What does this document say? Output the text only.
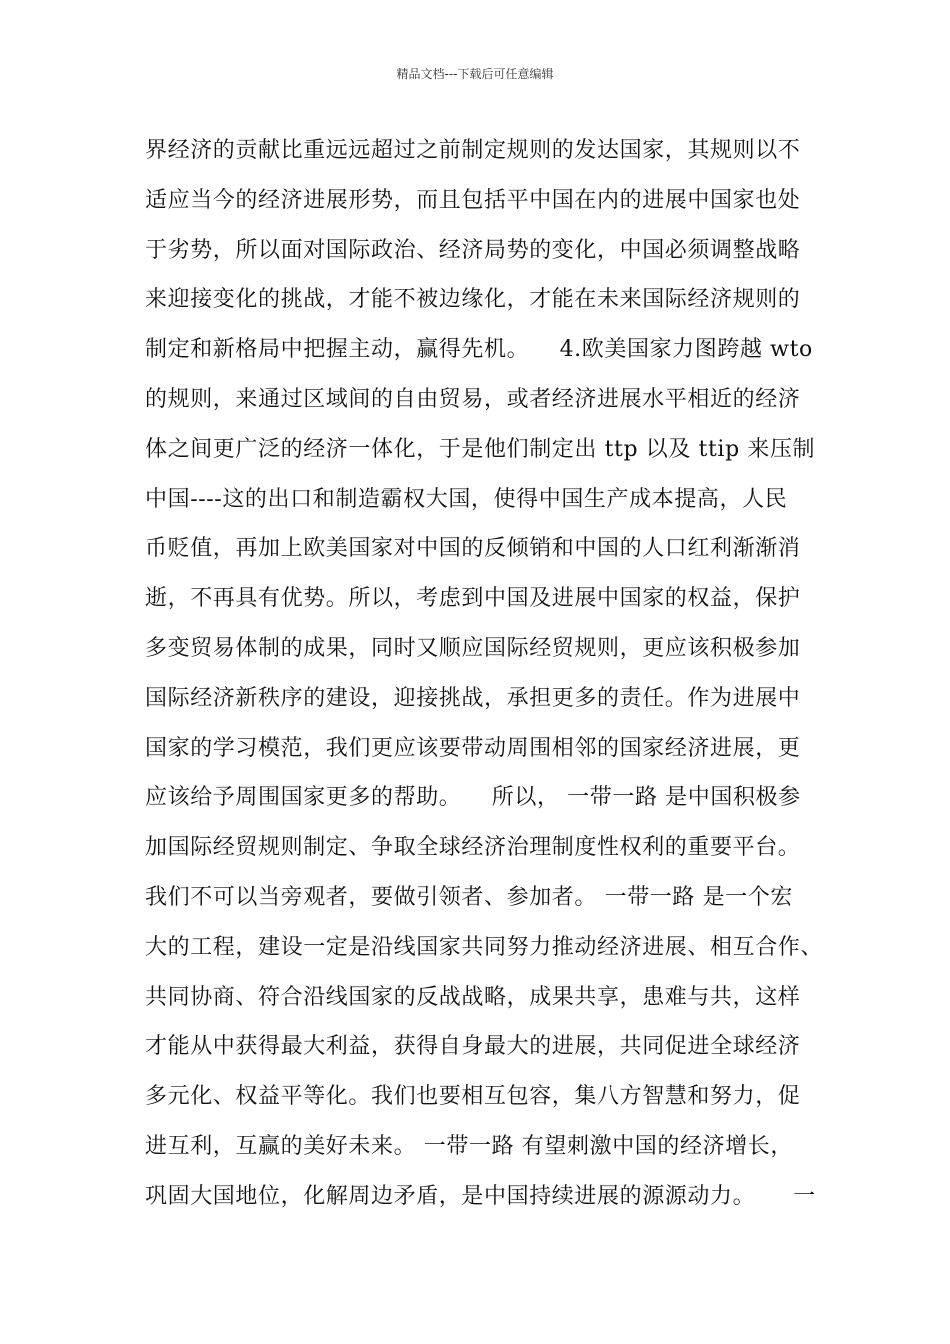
精品文档---下载后可任意编辑
界经济的贡献比重远远超过之前制定规则的发达国家，其规则以不
适应当今的经济进展形势，而且包括平中国在内的进展中国家也处
于劣势，所以面对国际政治、经济局势的变化，中国必须调整战略
来迎接变化的挑战，才能不被边缘化，才能在未来国际经济规则的
制定和新格局中把握主动，赢得先机。    4.欧美国家力图跨越 wto
的规则，来通过区域间的自由贸易，或者经济进展水平相近的经济
体之间更广泛的经济一体化，于是他们制定出 ttp 以及 ttip 来压制
中国----这的出口和制造霸权大国，使得中国生产成本提高，人民
币贬值，再加上欧美国家对中国的反倾销和中国的人口红利渐渐消
逝，不再具有优势。所以，考虑到中国及进展中国家的权益，保护
多变贸易体制的成果，同时又顺应国际经贸规则，更应该积极参加
国际经济新秩序的建设，迎接挑战，承担更多的责任。作为进展中
国家的学习模范，我们更应该要带动周围相邻的国家经济进展，更
应该给予周围国家更多的帮助。    所以， 一带一路 是中国积极参
加国际经贸规则制定、争取全球经济治理制度性权利的重要平台。
我们不可以当旁观者，要做引领者、参加者。 一带一路 是一个宏
大的工程，建设一定是沿线国家共同努力推动经济进展、相互合作、
共同协商、符合沿线国家的反战战略，成果共享，患难与共，这样
才能从中获得最大利益，获得自身最大的进展，共同促进全球经济
多元化、权益平等化。我们也要相互包容，集八方智慧和努力，促
进互利，互赢的美好未来。 一带一路 有望刺激中国的经济增长，
巩固大国地位，化解周边矛盾，是中国持续进展的源源动力。     一
